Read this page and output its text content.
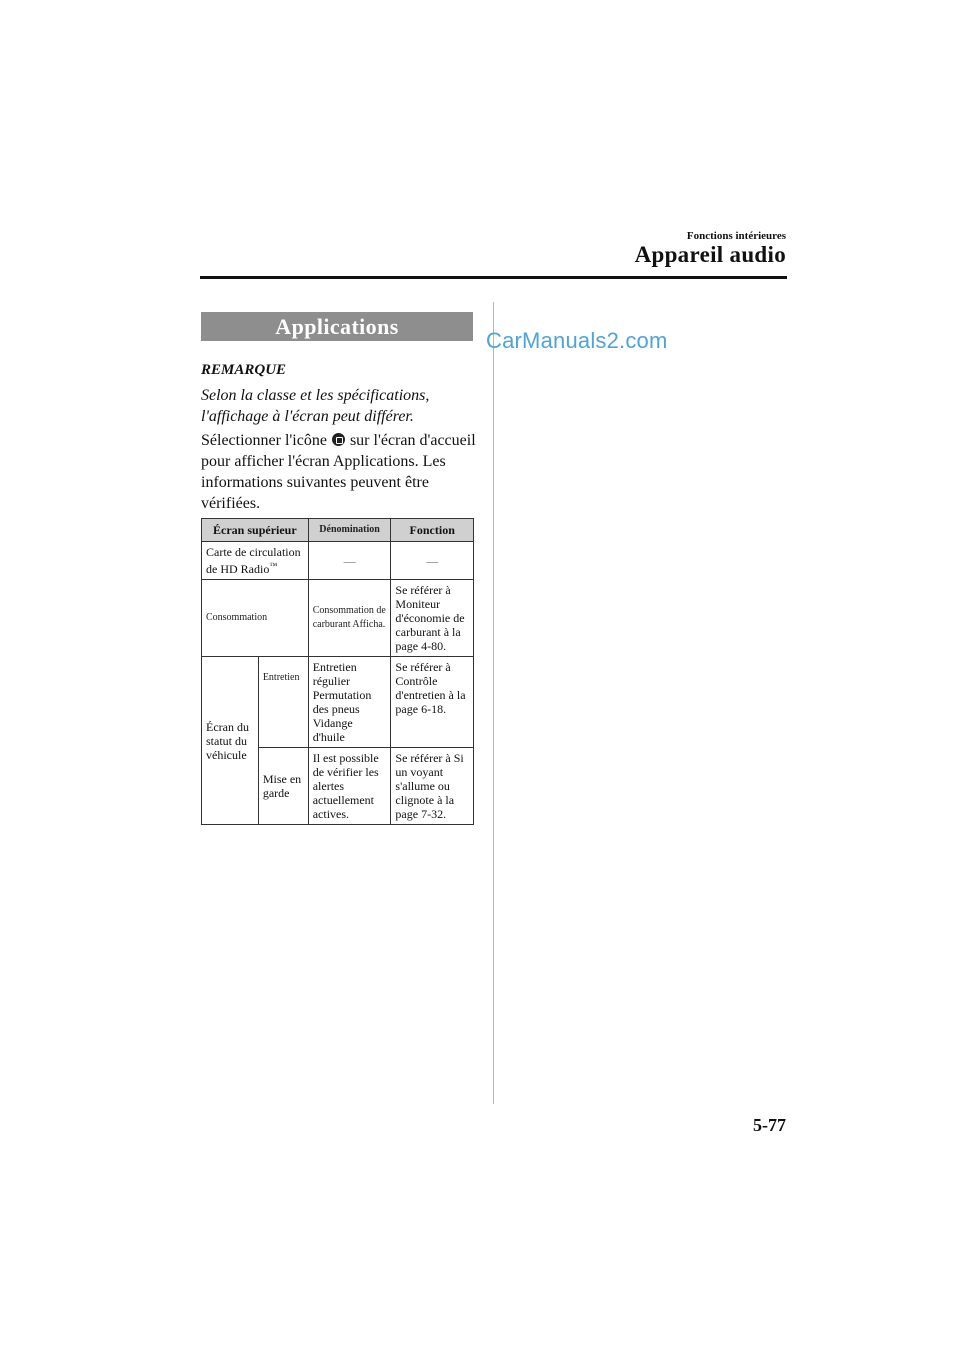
Fonctions intérieures
Appareil audio
Applications
CarManuals2.com
REMARQUE
Selon la classe et les spécifications, l'affichage à l'écran peut différer.
Sélectionner l'icône sur l'écran d'accueil pour afficher l'écran Applications. Les informations suivantes peuvent être vérifiées.
Écran supérieur		Dénomination	Fonction
Carte de circulation de HD Radio™		—	—
Consommation		Consommation de carburant Afficha.	Se référer à Moniteur d'économie de carburant à la page 4-80.
Écran du statut du véhicule	Entretien	Entretien régulier Permutation des pneus Vidange d'huile	Se référer à Contrôle d'entretien à la page 6-18.
	Mise en garde	Il est possible de vérifier les alertes actuellement actives.	Se référer à Si un voyant s'allume ou clignote à la page 7-32.
5-77
